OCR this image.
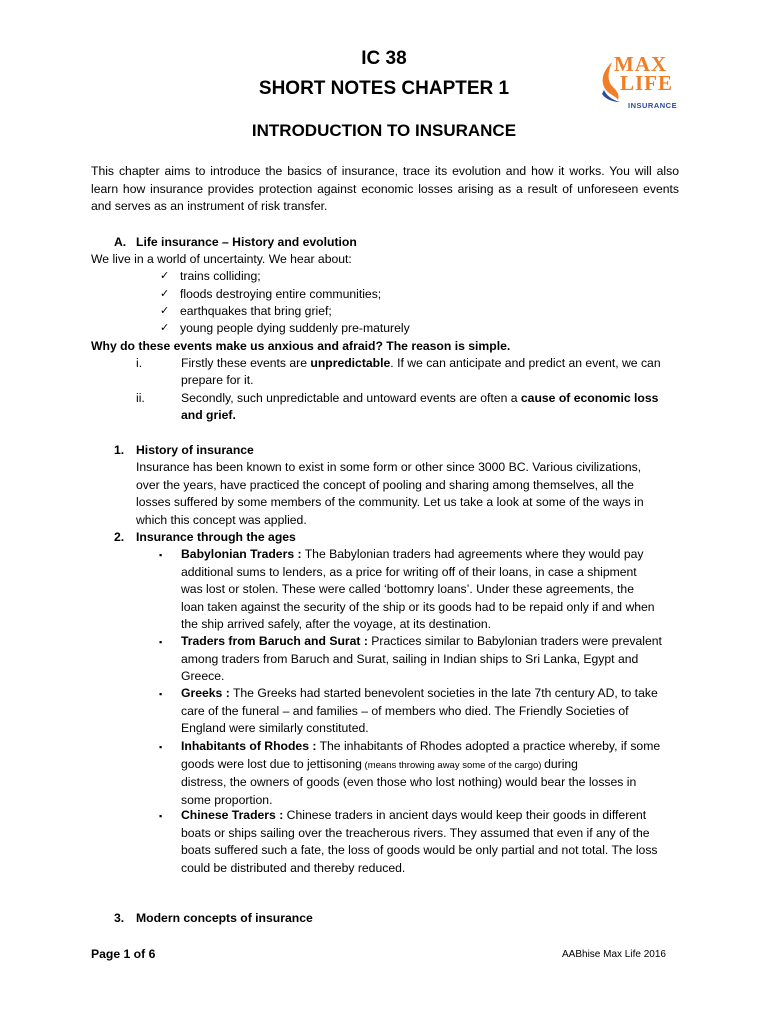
IC 38
SHORT NOTES CHAPTER 1
INTRODUCTION TO INSURANCE
MAX
LIFE
INSURANCE
This chapter aims to introduce the basics of insurance, trace its evolution and how it works. You will also learn how insurance provides protection against economic losses arising as a result of unforeseen events and serves as an instrument of risk transfer.
A. Life insurance – History and evolution
We live in a world of uncertainty. We hear about:
✓ trains colliding;
✓ floods destroying entire communities;
✓ earthquakes that bring grief;
✓ young people dying suddenly pre-maturely
Why do these events make us anxious and afraid? The reason is simple.
i.	Firstly these events are unpredictable. If we can anticipate and predict an event, we can
prepare for it.
ii.	Secondly, such unpredictable and untoward events are often a cause of economic loss
and grief.
1. History of insurance
Insurance has been known to exist in some form or other since 3000 BC. Various civilizations,
over the years, have practiced the concept of pooling and sharing among themselves, all the
losses suffered by some members of the community. Let us take a look at some of the ways in
which this concept was applied.
2. Insurance through the ages
▪ Babylonian Traders : The Babylonian traders had agreements where they would pay
additional sums to lenders, as a price for writing off of their loans, in case a shipment
was lost or stolen. These were called ‘bottomry loans’. Under these agreements, the
loan taken against the security of the ship or its goods had to be repaid only if and when
the ship arrived safely, after the voyage, at its destination.
▪ Traders from Baruch and Surat : Practices similar to Babylonian traders were prevalent
among traders from Baruch and Surat, sailing in Indian ships to Sri Lanka, Egypt and
Greece.
▪ Greeks : The Greeks had started benevolent societies in the late 7th century AD, to take
care of the funeral – and families – of members who died. The Friendly Societies of
England were similarly constituted.
▪ Inhabitants of Rhodes : The inhabitants of Rhodes adopted a practice whereby, if some
goods were lost due to jettisoning (means throwing away some of the cargo) during
distress, the owners of goods (even those who lost nothing) would bear the losses in
some proportion.
▪ Chinese Traders : Chinese traders in ancient days would keep their goods in different
boats or ships sailing over the treacherous rivers. They assumed that even if any of the
boats suffered such a fate, the loss of goods would be only partial and not total. The loss
could be distributed and thereby reduced.
3. Modern concepts of insurance
Page 1 of 6	AABhise Max Life 2016
